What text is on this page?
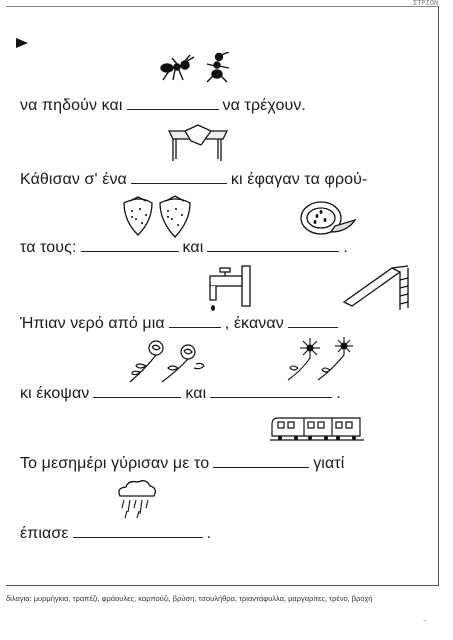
ΣΤΡΙΟΝ
να πηδούν και	να τρέχουν.
Κάθισαν σ' ένα	κι έφαγαν τα φρού-
τα τους:	και	.
Ήπιαν νερό από μια	, έκαναν
κι έκοψαν	και	.
Το μεσημέρι γύρισαν με το	γιατί
έπιασε	.
διλαγια: μυρμήγκια, τραπέζι, φράουλες, καρπούζι, βρύση, τσουλήθρα, τριαντάφυλλα, μαργαρίτες, τρένο, βροχή
~
